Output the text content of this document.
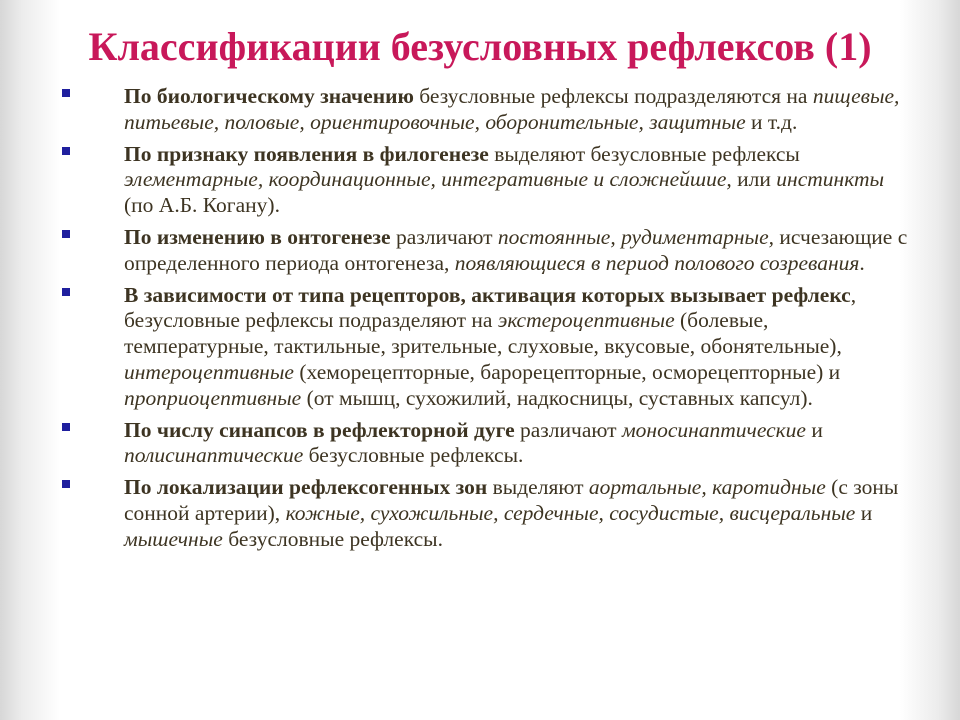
Классификации безусловных рефлексов (1)
По биологическому значению безусловные рефлексы подразделяются на пищевые, питьевые, половые, ориентировочные, оборонительные, защитные и т.д.
По признаку появления в филогенезе выделяют безусловные рефлексы элементарные, координационные, интегративные и сложнейшие, или инстинкты (по А.Б. Когану).
По изменению в онтогенезе различают постоянные, рудиментарные, исчезающие с определенного периода онтогенеза, появляющиеся в период полового созревания.
В зависимости от типа рецепторов, активация которых вызывает рефлекс, безусловные рефлексы подразделяют на экстероцептивные (болевые, температурные, тактильные, зрительные, слуховые, вкусовые, обонятельные), интероцептивные (хеморецепторные, барорецепторные, осморецепторные) и проприоцептивные (от мышц, сухожилий, надкосницы, суставных капсул).
По числу синапсов в рефлекторной дуге различают моносинаптические и полисинаптические безусловные рефлексы.
По локализации рефлексогенных зон выделяют аортальные, каротидные (с зоны сонной артерии), кожные, сухожильные, сердечные, сосудистые, висцеральные и мышечные безусловные рефлексы.
